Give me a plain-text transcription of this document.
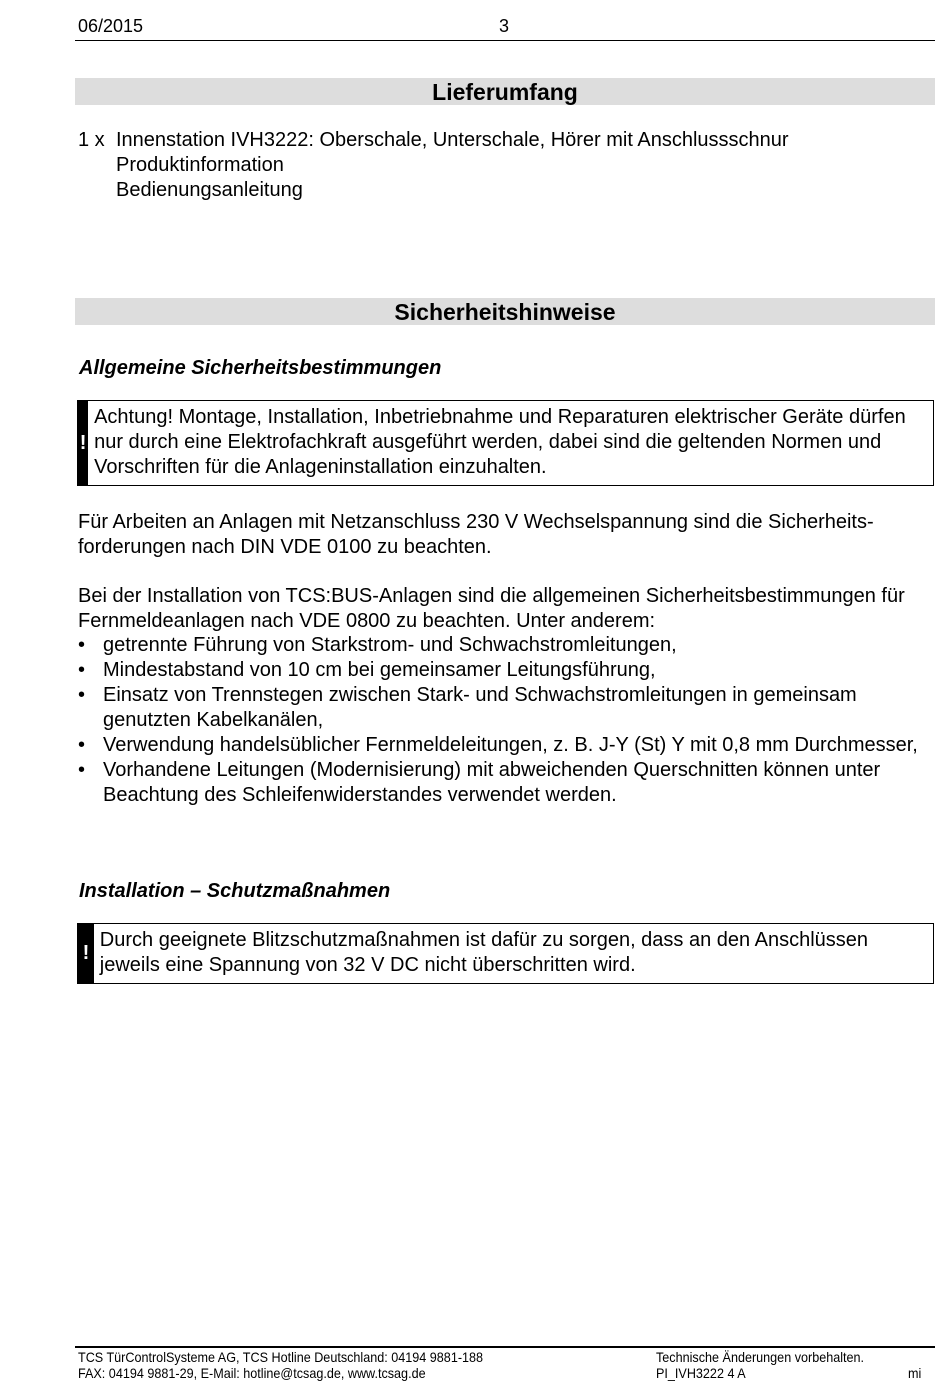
06/2015	3
Lieferumfang
1 x Innenstation IVH3222: Oberschale, Unterschale, Hörer mit Anschlussschnur
Produktinformation
Bedienungsanleitung
Sicherheitshinweise
Allgemeine Sicherheitsbestimmungen
!
Achtung! Montage, Installation, Inbetriebnahme und Reparaturen elektrischer Geräte dürfen nur durch eine Elektrofachkraft ausgeführt werden, dabei sind die geltenden Normen und Vorschriften für die Anlageninstallation einzuhalten.
Für Arbeiten an Anlagen mit Netzanschluss 230 V Wechselspannung sind die Sicherheitsforderungen nach DIN VDE 0100 zu beachten.
Bei der Installation von TCS:BUS-Anlagen sind die allgemeinen Sicherheitsbestimmungen für Fernmeldeanlagen nach VDE 0800 zu beachten. Unter anderem:
• getrennte Führung von Starkstrom- und Schwachstromleitungen,
• Mindestabstand von 10 cm bei gemeinsamer Leitungsführung,
• Einsatz von Trennstegen zwischen Stark- und Schwachstromleitungen in gemeinsam genutzten Kabelkanälen,
• Verwendung handelsüblicher Fernmeldeleitungen, z. B. J-Y (St) Y mit 0,8 mm Durchmesser,
• Vorhandene Leitungen (Modernisierung) mit abweichenden Querschnitten können unter Beachtung des Schleifenwiderstandes verwendet werden.
Installation – Schutzmaßnahmen
!
Durch geeignete Blitzschutzmaßnahmen ist dafür zu sorgen, dass an den Anschlüssen jeweils eine Spannung von 32 V DC nicht überschritten wird.
TCS TürControlSysteme AG, TCS Hotline Deutschland: 04194 9881-188
FAX: 04194 9881-29, E-Mail: hotline@tcsag.de, www.tcsag.de
Technische Änderungen vorbehalten.
PI_IVH3222 4 A	mi
